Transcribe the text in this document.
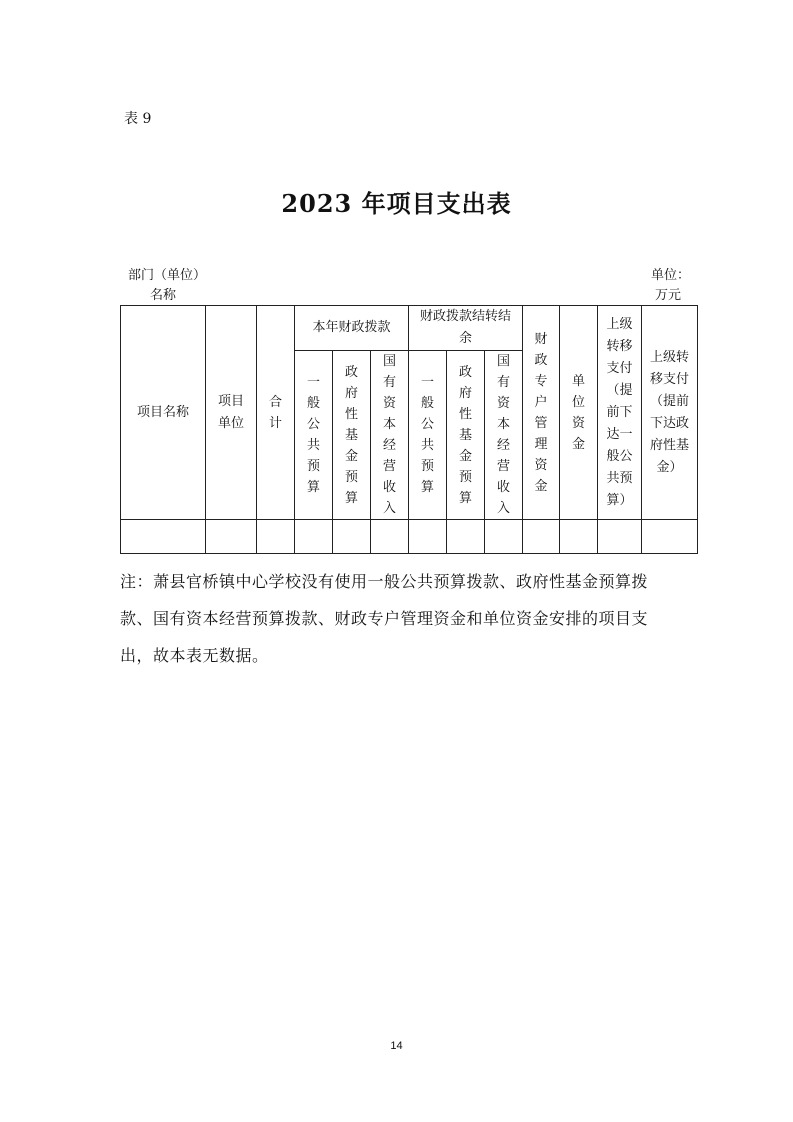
表 9
2023 年项目支出表
部门（单位）
名称
单位：
万元
项目名称	项目单位	合计	本年财政拨款			财政拨款结转结余			财政专户管理资金	单位资金	上级转移支付（提前下达一般公共预算）	上级转移支付（提前下达政府性基金）
			一般公共预算	政府性基金预算	国有资本经营收入	一般公共预算	政府性基金预算	国有资本经营收入				

注：萧县官桥镇中心学校没有使用一般公共预算拨款、政府性基金预算拨款、国有资本经营预算拨款、财政专户管理资金和单位资金安排的项目支出，故本表无数据。
14
